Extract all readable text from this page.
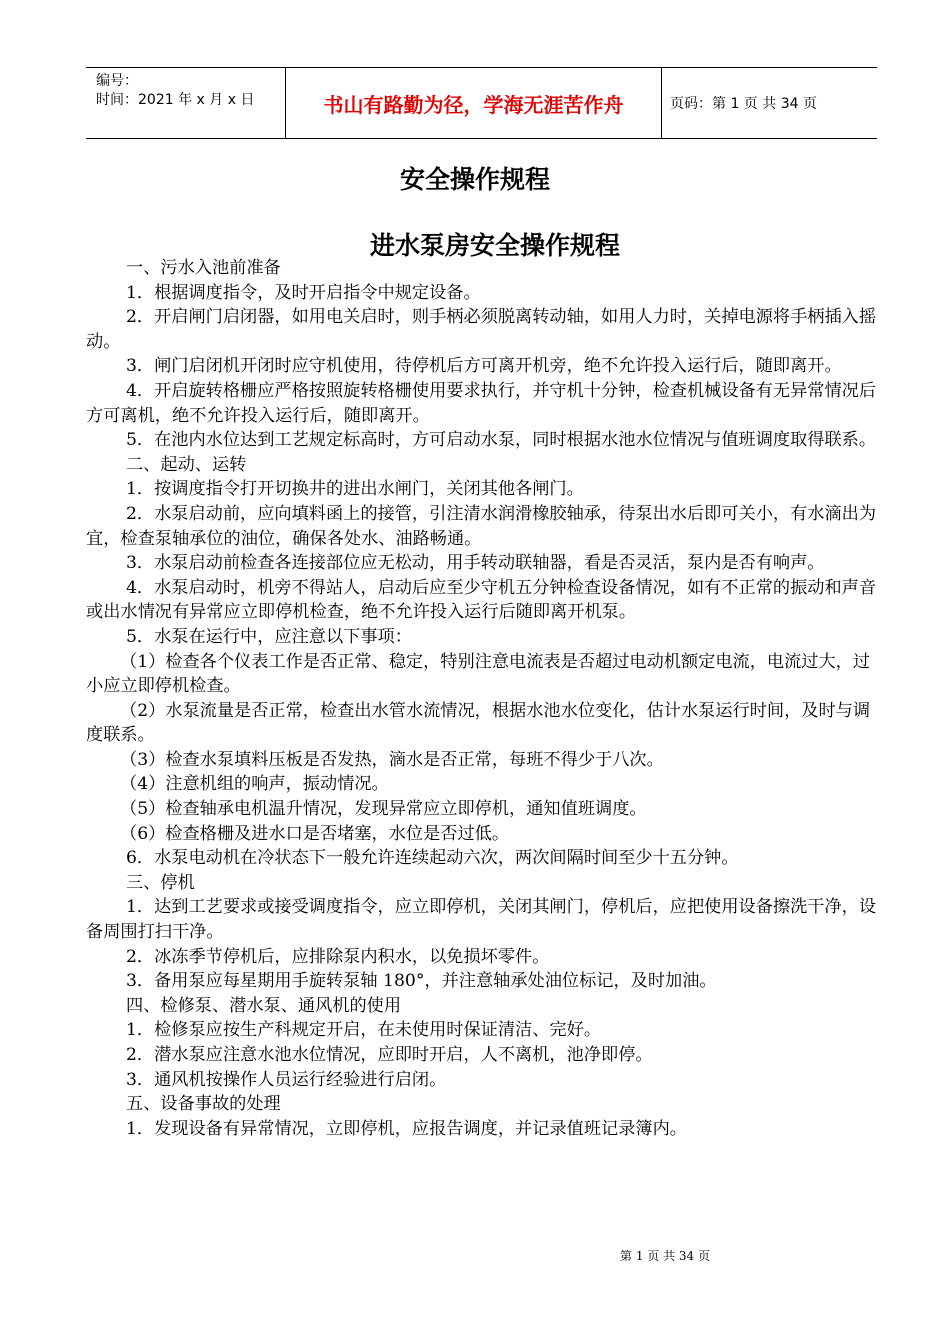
编号：
时间：2021 年 x 月 x 日	书山有路勤为径，学海无涯苦作舟	页码：第 1 页 共 34 页
安全操作规程
进水泵房安全操作规程

一、污水入池前准备

1．根据调度指令，及时开启指令中规定设备。

2．开启闸门启闭器，如用电关启时，则手柄必须脱离转动轴，如用人力时，关掉电源将手柄插入摇动。

3．闸门启闭机开闭时应守机使用，待停机后方可离开机旁，绝不允许投入运行后，随即离开。

4．开启旋转格栅应严格按照旋转格栅使用要求执行，并守机十分钟，检查机械设备有无异常情况后方可离机，绝不允许投入运行后，随即离开。

5．在池内水位达到工艺规定标高时，方可启动水泵，同时根据水池水位情况与值班调度取得联系。

二、起动、运转

1．按调度指令打开切换井的进出水闸门，关闭其他各闸门。

2．水泵启动前，应向填料函上的接管，引注清水润滑橡胶轴承，待泵出水后即可关小，有水滴出为宜，检查泵轴承位的油位，确保各处水、油路畅通。

3．水泵启动前检查各连接部位应无松动，用手转动联轴器，看是否灵活，泵内是否有响声。

4．水泵启动时，机旁不得站人，启动后应至少守机五分钟检查设备情况，如有不正常的振动和声音或出水情况有异常应立即停机检查，绝不允许投入运行后随即离开机泵。

5．水泵在运行中，应注意以下事项：

（1）检查各个仪表工作是否正常、稳定，特别注意电流表是否超过电动机额定电流，电流过大，过小应立即停机检查。

（2）水泵流量是否正常，检查出水管水流情况，根据水池水位变化，估计水泵运行时间，及时与调度联系。

（3）检查水泵填料压板是否发热，滴水是否正常，每班不得少于八次。

（4）注意机组的响声，振动情况。

（5）检查轴承电机温升情况，发现异常应立即停机，通知值班调度。

（6）检查格栅及进水口是否堵塞，水位是否过低。

6．水泵电动机在冷状态下一般允许连续起动六次，两次间隔时间至少十五分钟。

三、停机

1．达到工艺要求或接受调度指令，应立即停机，关闭其闸门，停机后，应把使用设备擦洗干净，设备周围打扫干净。

2．冰冻季节停机后，应排除泵内积水，以免损坏零件。

3．备用泵应每星期用手旋转泵轴 180°，并注意轴承处油位标记，及时加油。

四、检修泵、潜水泵、通风机的使用

1．检修泵应按生产科规定开启，在未使用时保证清洁、完好。

2．潜水泵应注意水池水位情况，应即时开启，人不离机，池净即停。

3．通风机按操作人员运行经验进行启闭。

五、设备事故的处理

1．发现设备有异常情况，立即停机，应报告调度，并记录值班记录簿内。

第 1 页 共 34 页
